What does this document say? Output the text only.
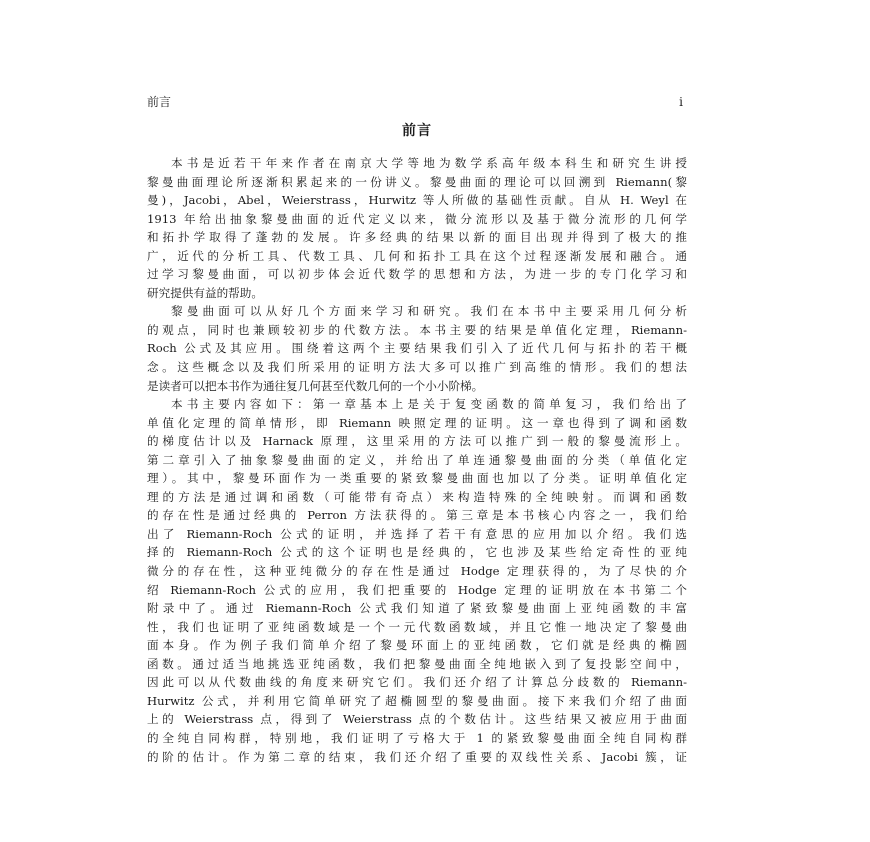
前言	i
前言
本书是近若干年来作者在南京大学等地为数学系高年级本科生和研究生讲授
黎曼曲面理论所逐渐积累起来的一份讲义。黎曼曲面的理论可以回溯到 Riemann(黎
曼)，Jacobi，Abel，Weierstrass，Hurwitz 等人所做的基础性贡献。自从 H. Weyl 在
1913 年给出抽象黎曼曲面的近代定义以来，微分流形以及基于微分流形的几何学
和拓扑学取得了蓬勃的发展。许多经典的结果以新的面目出现并得到了极大的推
广，近代的分析工具、代数工具、几何和拓扑工具在这个过程逐渐发展和融合。通
过学习黎曼曲面，可以初步体会近代数学的思想和方法，为进一步的专门化学习和
研究提供有益的帮助。
黎曼曲面可以从好几个方面来学习和研究。我们在本书中主要采用几何分析
的观点，同时也兼顾较初步的代数方法。本书主要的结果是单值化定理，Riemann-
Roch 公式及其应用。围绕着这两个主要结果我们引入了近代几何与拓扑的若干概
念。这些概念以及我们所采用的证明方法大多可以推广到高维的情形。我们的想法
是读者可以把本书作为通往复几何甚至代数几何的一个小小阶梯。
本书主要内容如下：第一章基本上是关于复变函数的简单复习，我们给出了
单值化定理的简单情形，即 Riemann 映照定理的证明。这一章也得到了调和函数
的梯度估计以及 Harnack 原理，这里采用的方法可以推广到一般的黎曼流形上。
第二章引入了抽象黎曼曲面的定义，并给出了单连通黎曼曲面的分类（单值化定
理）。其中，黎曼环面作为一类重要的紧致黎曼曲面也加以了分类。证明单值化定
理的方法是通过调和函数（可能带有奇点）来构造特殊的全纯映射。而调和函数
的存在性是通过经典的 Perron 方法获得的。第三章是本书核心内容之一，我们给
出了 Riemann-Roch 公式的证明，并选择了若干有意思的应用加以介绍。我们选
择的 Riemann-Roch 公式的这个证明也是经典的，它也涉及某些给定奇性的亚纯
微分的存在性，这种亚纯微分的存在性是通过 Hodge 定理获得的，为了尽快的介
绍 Riemann-Roch 公式的应用，我们把重要的 Hodge 定理的证明放在本书第二个
附录中了。通过 Riemann-Roch 公式我们知道了紧致黎曼曲面上亚纯函数的丰富
性，我们也证明了亚纯函数域是一个一元代数函数域，并且它惟一地决定了黎曼曲
面本身。作为例子我们简单介绍了黎曼环面上的亚纯函数，它们就是经典的椭圆
函数。通过适当地挑选亚纯函数，我们把黎曼曲面全纯地嵌入到了复投影空间中，
因此可以从代数曲线的角度来研究它们。我们还介绍了计算总分歧数的 Riemann-
Hurwitz 公式，并利用它简单研究了超椭圆型的黎曼曲面。接下来我们介绍了曲面
上的 Weierstrass 点，得到了 Weierstrass 点的个数估计。这些结果又被应用于曲面
的全纯自同构群，特别地，我们证明了亏格大于 1 的紧致黎曼曲面全纯自同构群
的阶的估计。作为第二章的结束，我们还介绍了重要的双线性关系、Jacobi 簇，证
